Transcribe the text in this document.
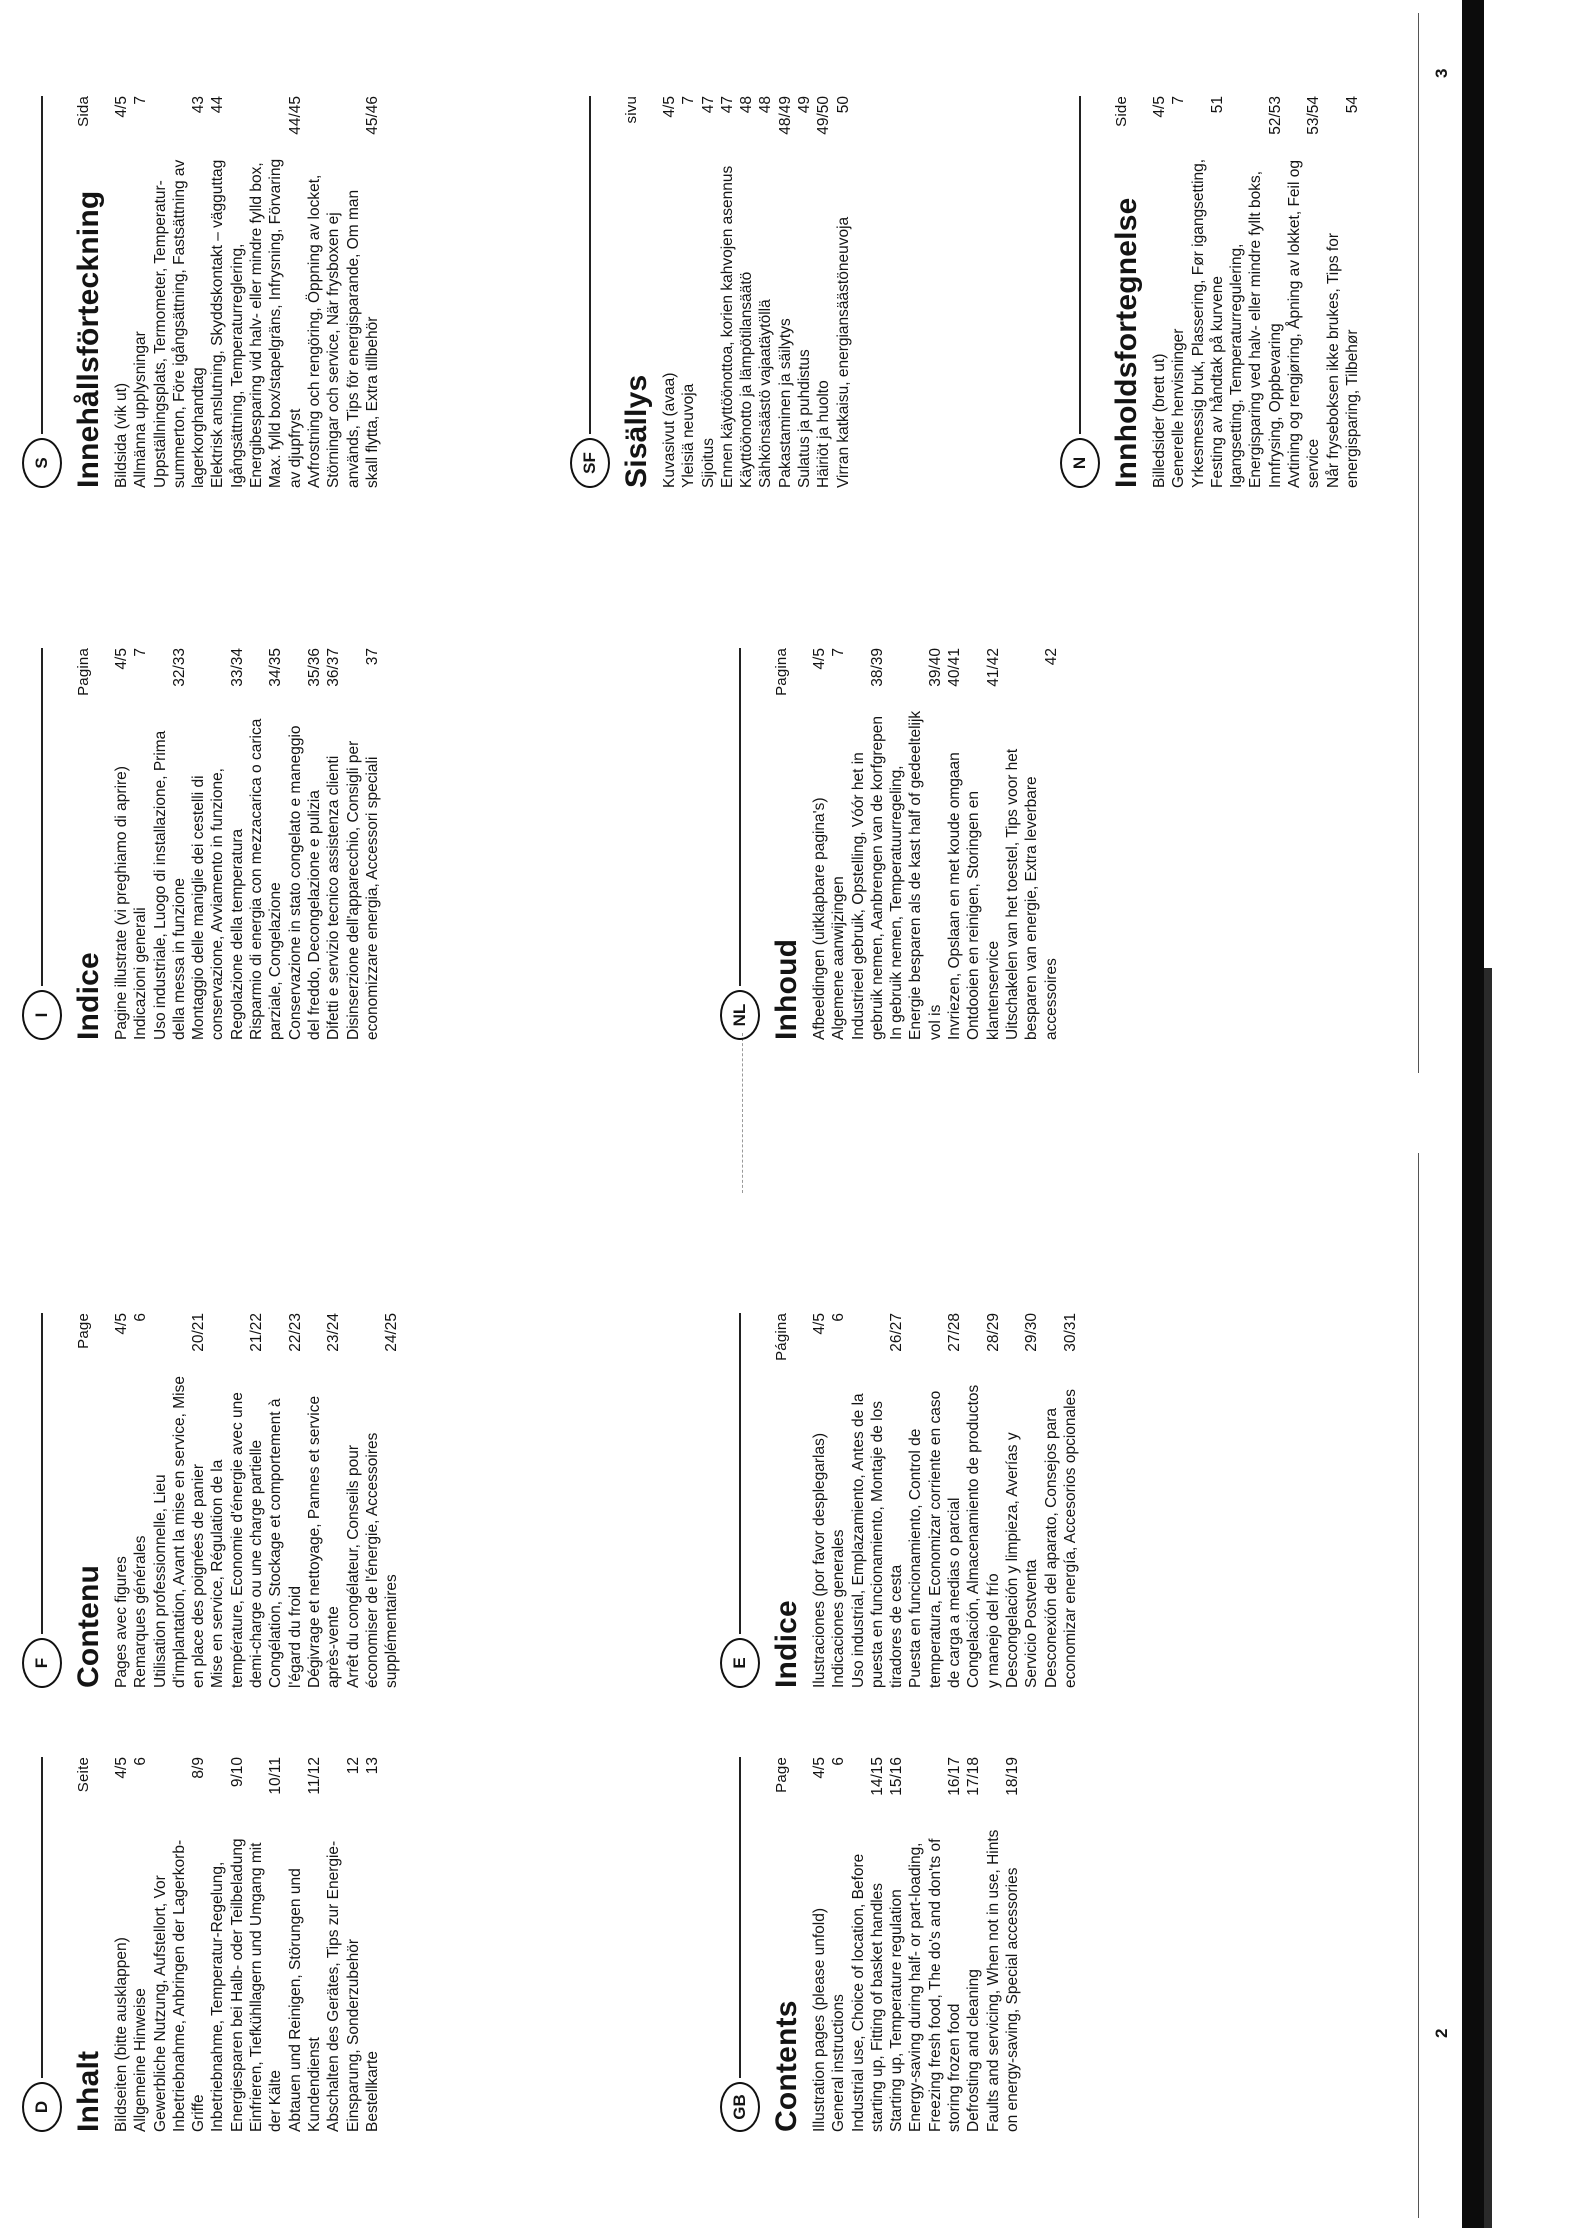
2
3
D Inhalt
Seite
Bildseiten (bitte ausklappen)
4/5
Allgemeine Hinweise
6
Gewerbliche Nutzung, Aufstellort, Vor Inbetriebnahme, Anbringen der Lagerkorb-Griffe
8/9
Inbetriebnahme, Temperatur-Regelung, Energiesparen bei Halb- oder Teilbeladung
9/10
Einfrieren, Tiefkühllagern und Umgang mit der Kälte
10/11
Abtauen und Reinigen, Störungen und Kundendienst
11/12
Abschalten des Gerätes, Tips zur Energie-Einsparung, Sonderzubehör
12
Bestellkarte
13
GB Contents
Page
Illustration pages (please unfold)
4/5
General instructions
6
Industrial use, Choice of location, Before starting up, Fitting of basket handles
14/15
Starting up, Temperature regulation
15/16
Energy-saving during half- or part-loading, Freezing fresh food, The do's and don'ts of storing frozen food
16/17
Defrosting and cleaning
17/18
Faults and servicing, When not in use, Hints on energy-saving, Special accessories
18/19
F Contenu
Page
Pages avec figures
4/5
Remarques générales
6
Utilisation professionnelle, Lieu d'implantation, Avant la mise en service, Mise en place des poignées de panier
20/21
Mise en service, Régulation de la température, Economie d'énergie avec une demi-charge ou une charge partielle
21/22
Congélation, Stockage et comportement à l'égard du froid
22/23
Dégivrage et nettoyage, Pannes et service après-vente
23/24
Arrêt du congélateur, Conseils pour économiser de l'énergie, Accessoires supplémentaires
24/25
E Indice
Página
Ilustraciones (por favor desplegarlas)
4/5
Indicaciones generales
6
Uso industrial, Emplazamiento, Antes de la puesta en funcionamiento, Montaje de los tiradores de cesta
26/27
Puesta en funcionamiento, Control de temperatura, Economizar corriente en caso de carga a medias o parcial
27/28
Congelación, Almacenamiento de productos y manejo del frío
28/29
Descongelación y limpieza, Averías y Servicio Postventa
29/30
Desconexión del aparato, Consejos para economizar energía, Accesorios opcionales
30/31
I Indice
Pagina
Pagine illustrate (vi preghiamo di aprire)
4/5
Indicazioni generali
7
Uso industriale, Luogo di installazione, Prima della messa in funzione
32/33
Montaggio delle maniglie dei cestelli di conservazione, Avviamento in funzione, Regolazione della temperatura
33/34
Risparmio di energia con mezzacarica o carica parziale, Congelazione
34/35
Conservazione in stato congelato e maneggio del freddo, Decongelazione e pulizia
35/36
Difetti e servizio tecnico assistenza clienti
36/37
Disinserzione dell'apparecchio, Consigli per economizzare energia, Accessori speciali
37
NL Inhoud
Pagina
Afbeeldingen (uitklapbare pagina's)
4/5
Algemene aanwijzingen
7
Industrieel gebruik, Opstelling, Vóór het in gebruik nemen, Aanbrengen van de korfgrepen
38/39
In gebruik nemen, Temperatuurregeling, Energie besparen als de kast half of gedeeltelijk vol is
39/40
Invriezen, Opslaan en met koude omgaan
40/41
Ontdooien en reinigen, Storingen en klantenservice
41/42
Uitschakelen van het toestel, Tips voor het besparen van energie, Extra leverbare accessoires
42
S Innehållsförteckning
Sida
Bildsida (vik ut)
4/5
Allmänna upplysningar
7
Uppställningsplats, Termometer, Temperatur-summerton, Före igångsättning, Fastsättning av lagerkorghandtag
43
Elektrisk anslutning, Skyddskontakt – vägguttag
44
Igångsättning, Temperaturreglering, Energibesparing vid halv- eller mindre fylld box, Max. fylld box/stapelgräns, Infrysning, Förvaring av djupfryst
44/45
Avfrostning och rengöring, Öppning av locket, Störningar och service, När frysboxen ej används, Tips för energisparande, Om man skall flytta, Extra tillbehör
45/46
SF Sisällys
sivu
Kuvasivut (avaa)
4/5
Yleisiä neuvoja
7
Sijoitus
47
Ennen käyttöönottoa, korien kahvojen asennus
47
Käyttöönotto ja lämpötilansäätö
48
Sähkönsäästö vajaatäytöllä
48
Pakastaminen ja säilytys
48/49
Sulatus ja puhdistus
49
Häiriöt ja huolto
49/50
Virran katkaisu, energiansäästöneuvoja
50
N Innholdsfortegnelse
Side
Billedsider (brett ut)
4/5
Generelle henvisninger
7
Yrkesmessig bruk, Plassering, Før igangsetting, Festing av håndtak på kurvene
51
Igangsetting, Temperaturregulering, Energisparing ved halv- eller mindre fyllt boks, Innfrysing, Oppbevaring
52/53
Avtining og rengjøring, Åpning av lokket, Feil og service
53/54
Når fryseboksen ikke brukes, Tips for energisparing, Tilbehør
54
